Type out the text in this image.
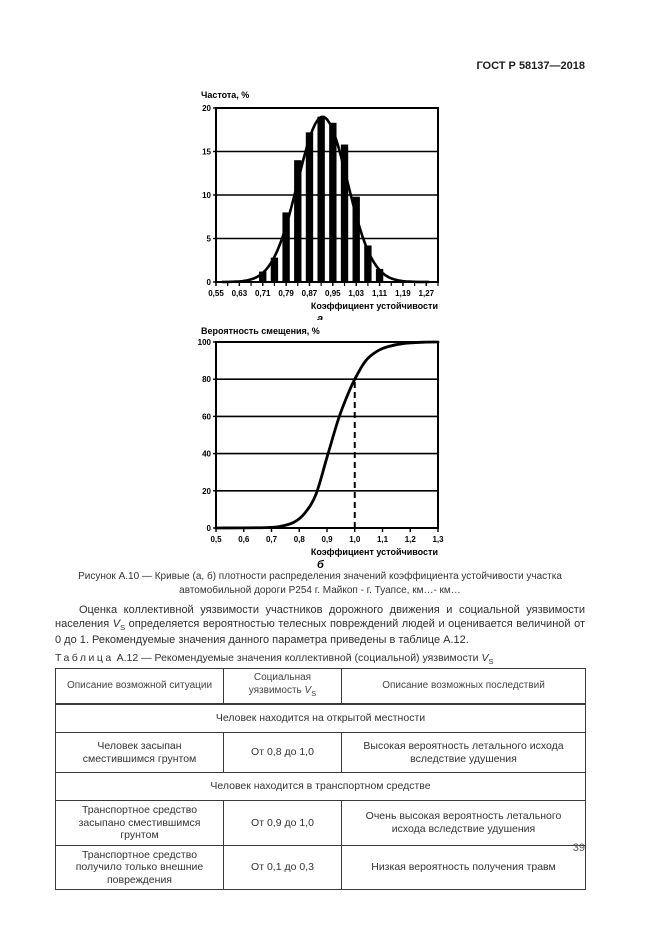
ГОСТ Р 58137—2018
0
5
10
15
20
0,55 0,63 0,71 0,79 0,87 0,95 1,03 1,11 1,19 1,27
Частота, %
Коэффициент устойчивости
а
0
20
40
60
80
100
0,5 0,6 0,7 0,8 0,9 1,0 1,1 1,2 1,3
Вероятность смещения, %
Коэффициент устойчивости
б
Рисунок А.10 — Кривые (а, б) плотности распределения значений коэффициента устойчивости участка
автомобильной дороги Р254 г. Майкоп - г. Туапсе, км…- км…

Оценка коллективной уязвимости участников дорожного движения и социальной уязвимости населения $V_S$ определяется вероятностью телесных повреждений людей и оценивается величиной от 0 до 1. Рекомендуемые значения данного параметра приведены в таблице А.12.

Таблица А.12 — Рекомендуемые значения коллективной (социальной) уязвимости $V_S$
Описание возможной ситуации	Социальная уязвимость $V_S$	Описание возможных последствий
Человек находится на открытой местности		
Человек засыпан сместившимся грунтом	От 0,8 до 1,0	Высокая вероятность летального исхода вследствие удушения
Человек находится в транспортном средстве		
Транспортное средство засыпано сместившимся грунтом	От 0,9 до 1,0	Очень высокая вероятность летального исхода вследствие удушения
Транспортное средство получило только внешние повреждения	От 0,1 до 0,3	Низкая вероятность получения травм
39
